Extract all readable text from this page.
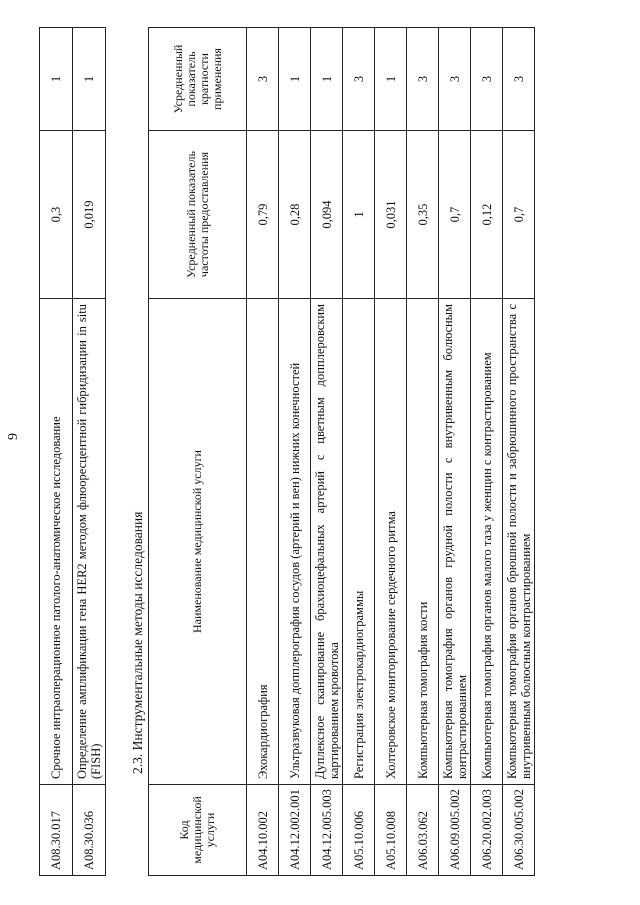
9
A08.30.017	Срочное интраоперационное патолого-анатомическое исследование	0,3	1
A08.30.036	Определение амплификации гена HER2 методом флюоресцентной гибридизации in situ (FISH)	0,019	1
2.3. Инструментальные методы исследования
Код медицинской услуги	Наименование медицинской услуги	Усредненный показатель частоты предоставления	Усредненный показатель кратности применения
A04.10.002	Эхокардиография	0,79	3
A04.12.002.001	Ультразвуковая допплерография сосудов (артерий и вен) нижних конечностей	0,28	1
A04.12.005.003	Дуплексное сканирование брахиоцефальных артерий с цветным допплеровским картированием кровотока	0,094	1
A05.10.006	Регистрация электрокардиограммы	1	3
A05.10.008	Холтеровское мониторирование сердечного ритма	0,031	1
A06.03.062	Компьютерная томография кости	0,35	3
A06.09.005.002	Компьютерная томография органов грудной полости с внутривенным болюсным контрастированием	0,7	3
A06.20.002.003	Компьютерная томография органов малого таза у женщин с контрастированием	0,12	3
A06.30.005.002	Компьютерная томография органов брюшной полости и забрюшинного пространства с внутривенным болюсным контрастированием	0,7	3
